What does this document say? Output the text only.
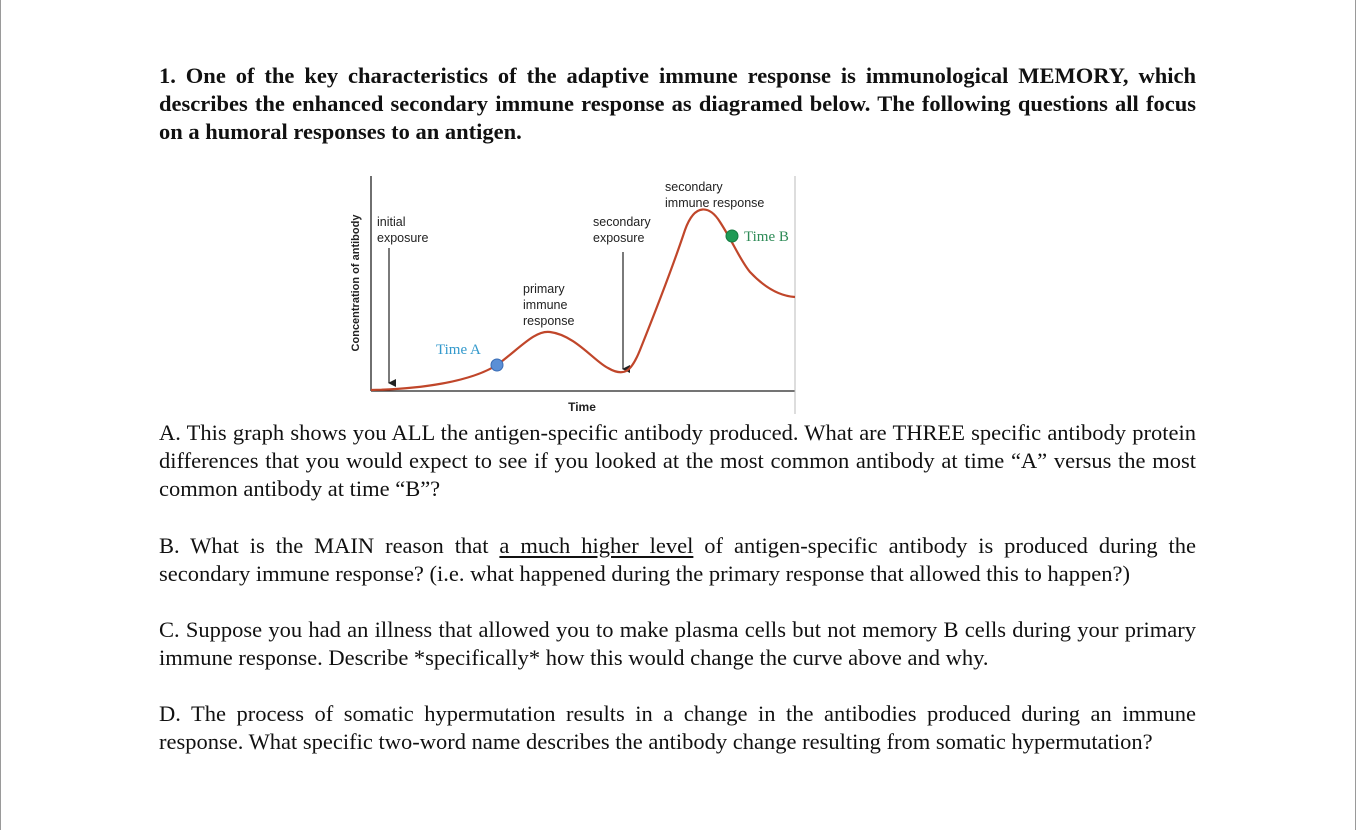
1. One of the key characteristics of the adaptive immune response is immunological MEMORY, which describes the enhanced secondary immune response as diagramed below. The following questions all focus on a humoral responses to an antigen.

Concentration of antibody
Time
initial exposure
secondary exposure
primary immune response
secondary immune response
Time A
Time B

A. This graph shows you ALL the antigen-specific antibody produced. What are THREE specific antibody protein differences that you would expect to see if you looked at the most common antibody at time “A” versus the most common antibody at time “B”?

B. What is the MAIN reason that a much higher level of antigen-specific antibody is produced during the secondary immune response? (i.e. what happened during the primary response that allowed this to happen?)

C. Suppose you had an illness that allowed you to make plasma cells but not memory B cells during your primary immune response. Describe *specifically* how this would change the curve above and why.

D. The process of somatic hypermutation results in a change in the antibodies produced during an immune response. What specific two-word name describes the antibody change resulting from somatic hypermutation?
